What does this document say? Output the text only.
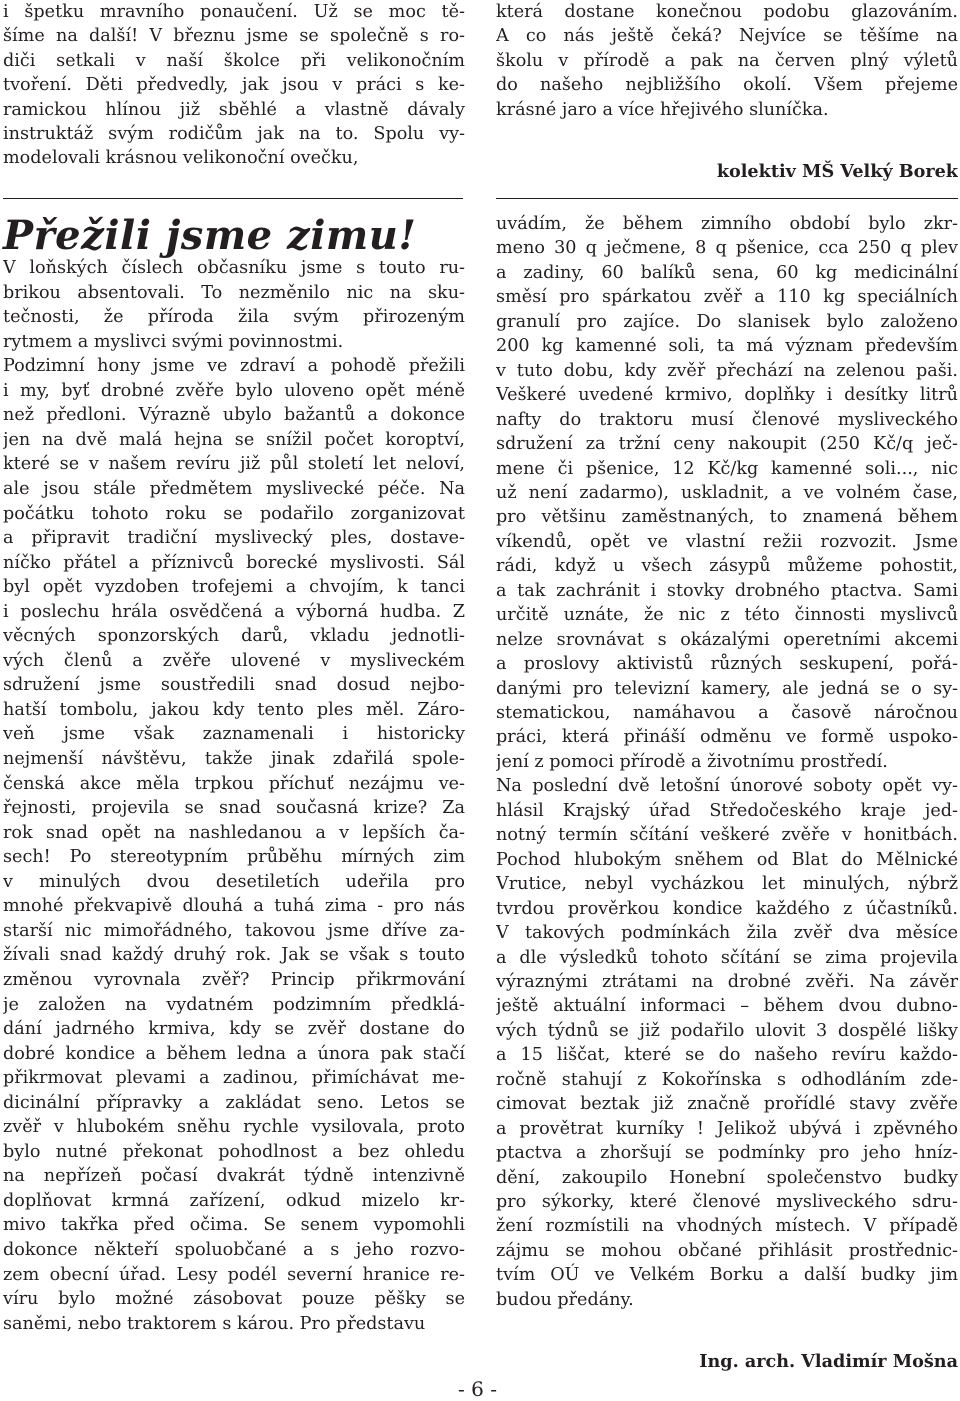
i špetku mravního ponaučení. Už se moc tě-
šíme na další! V březnu jsme se společně s ro-
diči setkali v naší školce při velikonočním
tvoření. Děti předvedly, jak jsou v práci s ke-
ramickou hlínou již sběhlé a vlastně dávaly
instruktáž svým rodičům jak na to. Spolu vy-
modelovali krásnou velikonoční ovečku,
která dostane konečnou podobu glazováním.
A co nás ještě čeká? Nejvíce se těšíme na
školu v přírodě a pak na červen plný výletů
do našeho nejbližšího okolí. Všem přejeme
krásné jaro a více hřejivého sluníčka.
kolektiv MŠ Velký Borek
Přežili jsme zimu!
V loňských číslech občasníku jsme s touto ru-
brikou absentovali. To nezměnilo nic na sku-
tečnosti, že příroda žila svým přirozeným
rytmem a myslivci svými povinnostmi.
Podzimní hony jsme ve zdraví a pohodě přežili
i my, byť drobné zvěře bylo uloveno opět méně
než předloni. Výrazně ubylo bažantů a dokonce
jen na dvě malá hejna se snížil počet koroptví,
které se v našem revíru již půl století let neloví,
ale jsou stále předmětem myslivecké péče. Na
počátku tohoto roku se podařilo zorganizovat
a připravit tradiční myslivecký ples, dostave-
níčko přátel a příznivců borecké myslivosti. Sál
byl opět vyzdoben trofejemi a chvojím, k tanci
i poslechu hrála osvědčená a výborná hudba. Z
věcných sponzorských darů, vkladu jednotli-
vých členů a zvěře ulovené v mysliveckém
sdružení jsme soustředili snad dosud nejbo-
hatší tombolu, jakou kdy tento ples měl. Záro-
veň jsme však zaznamenali i historicky
nejmenší návštěvu, takže jinak zdařilá spole-
čenská akce měla trpkou příchuť nezájmu ve-
řejnosti, projevila se snad současná krize? Za
rok snad opět na nashledanou a v lepších ča-
sech! Po stereotypním průběhu mírných zim
v minulých dvou desetiletích udeřila pro
mnohé překvapivě dlouhá a tuhá zima - pro nás
starší nic mimořádného, takovou jsme dříve za-
žívali snad každý druhý rok. Jak se však s touto
změnou vyrovnala zvěř? Princip přikrmování
je založen na vydatném podzimním předklá-
dání jadrného krmiva, kdy se zvěř dostane do
dobré kondice a během ledna a února pak stačí
přikrmovat plevami a zadinou, přimíchávat me-
dicinální přípravky a zakládat seno. Letos se
zvěř v hlubokém sněhu rychle vysilovala, proto
bylo nutné překonat pohodlnost a bez ohledu
na nepřízeň počasí dvakrát týdně intenzivně
doplňovat krmná zařízení, odkud mizelo kr-
mivo takřka před očima. Se senem vypomohli
dokonce někteří spoluobčané a s jeho rozvo-
zem obecní úřad. Lesy podél severní hranice re-
víru bylo možné zásobovat pouze pěšky se
saněmi, nebo traktorem s károu. Pro představu
uvádím, že během zimního období bylo zkr-
meno 30 q ječmene, 8 q pšenice, cca 250 q plev
a zadiny, 60 balíků sena, 60 kg medicinální
směsí pro spárkatou zvěř a 110 kg speciálních
granulí pro zajíce. Do slanisek bylo založeno
200 kg kamenné soli, ta má význam především
v tuto dobu, kdy zvěř přechází na zelenou paši.
Veškeré uvedené krmivo, doplňky i desítky litrů
nafty do traktoru musí členové mysliveckého
sdružení za tržní ceny nakoupit (250 Kč/q ječ-
mene či pšenice, 12 Kč/kg kamenné soli..., nic
už není zadarmo), uskladnit, a ve volném čase,
pro většinu zaměstnaných, to znamená během
víkendů, opět ve vlastní režii rozvozit. Jsme
rádi, když u všech zásypů můžeme pohostit,
a tak zachránit i stovky drobného ptactva. Sami
určitě uznáte, že nic z této činnosti myslivců
nelze srovnávat s okázalými operetními akcemi
a proslovy aktivistů různých seskupení, pořá-
danými pro televizní kamery, ale jedná se o sy-
stematickou, namáhavou a časově náročnou
práci, která přináší odměnu ve formě uspoko-
jení z pomoci přírodě a životnímu prostředí.
Na poslední dvě letošní únorové soboty opět vy-
hlásil Krajský úřad Středočeského kraje jed-
notný termín sčítání veškeré zvěře v honitbách.
Pochod hlubokým sněhem od Blat do Mělnické
Vrutice, nebyl vycházkou let minulých, nýbrž
tvrdou prověrkou kondice každého z účastníků.
V takových podmínkách žila zvěř dva měsíce
a dle výsledků tohoto sčítání se zima projevila
výraznými ztrátami na drobné zvěři. Na závěr
ještě aktuální informaci – během dvou dubno-
vých týdnů se již podařilo ulovit 3 dospělé lišky
a 15 liščat, které se do našeho revíru každo-
ročně stahují z Kokořínska s odhodláním zde-
cimovat beztak již značně prořídlé stavy zvěře
a provětrat kurníky ! Jelikož ubývá i zpěvného
ptactva a zhoršují se podmínky pro jeho hníz-
dění, zakoupilo Honební společenstvo budky
pro sýkorky, které členové mysliveckého sdru-
žení rozmístili na vhodných místech. V případě
zájmu se mohou občané přihlásit prostřednic-
tvím OÚ ve Velkém Borku a další budky jim
budou předány.
Ing. arch. Vladimír Mošna
- 6 -
